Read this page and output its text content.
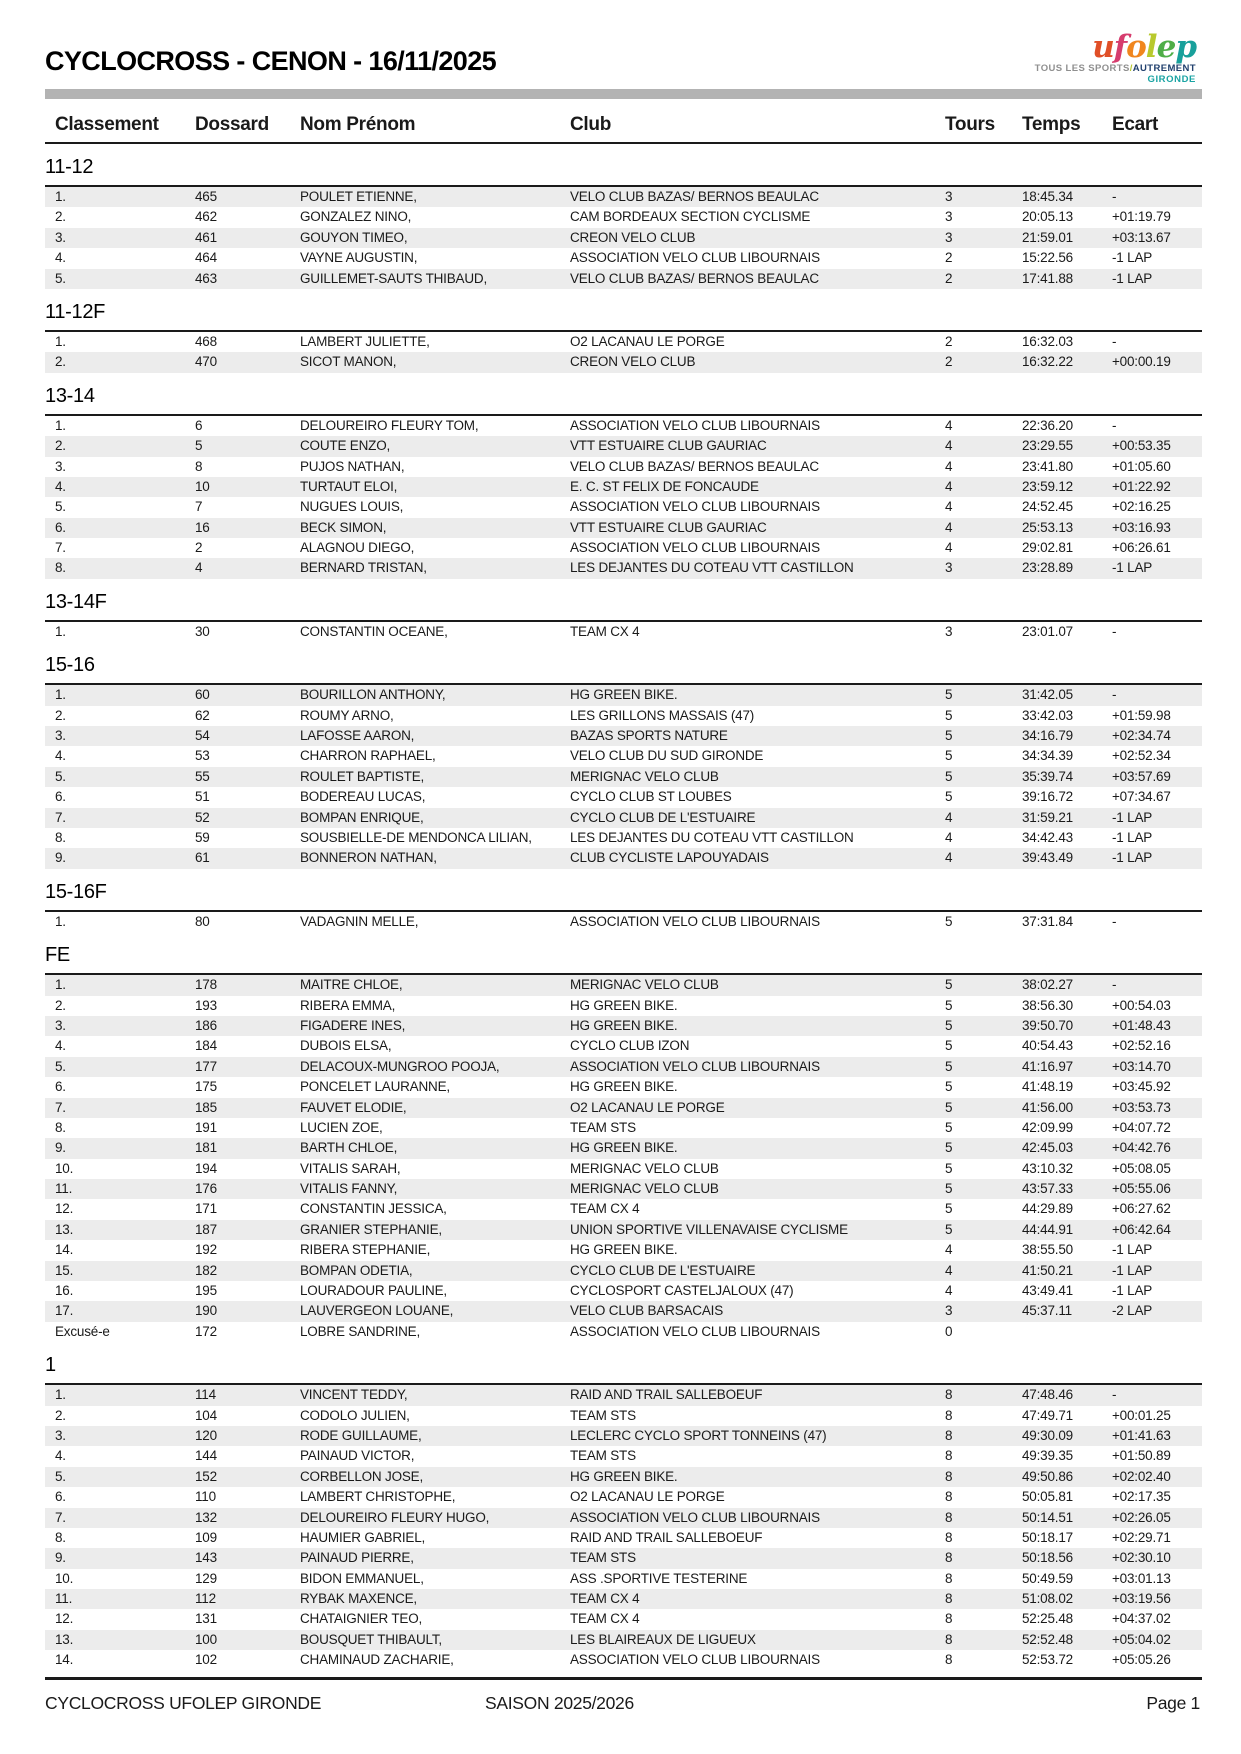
CYCLOCROSS - CENON - 16/11/2025	ufolep
TOUS LES SPORTS/AUTREMENT
GIRONDE
Classement	Dossard	Nom Prénom	Club	Tours	Temps	Ecart
11-12
1.	465	POULET ETIENNE,	VELO CLUB BAZAS/ BERNOS BEAULAC	3	18:45.34	-
2.	462	GONZALEZ NINO,	CAM BORDEAUX SECTION CYCLISME	3	20:05.13	+01:19.79
3.	461	GOUYON TIMEO,	CREON VELO CLUB	3	21:59.01	+03:13.67
4.	464	VAYNE AUGUSTIN,	ASSOCIATION VELO CLUB LIBOURNAIS	2	15:22.56	-1 LAP
5.	463	GUILLEMET-SAUTS THIBAUD,	VELO CLUB BAZAS/ BERNOS BEAULAC	2	17:41.88	-1 LAP
11-12F
1.	468	LAMBERT JULIETTE,	O2 LACANAU LE PORGE	2	16:32.03	-
2.	470	SICOT MANON,	CREON VELO CLUB	2	16:32.22	+00:00.19
13-14
1.	6	DELOUREIRO FLEURY TOM,	ASSOCIATION VELO CLUB LIBOURNAIS	4	22:36.20	-
2.	5	COUTE ENZO,	VTT ESTUAIRE CLUB GAURIAC	4	23:29.55	+00:53.35
3.	8	PUJOS NATHAN,	VELO CLUB BAZAS/ BERNOS BEAULAC	4	23:41.80	+01:05.60
4.	10	TURTAUT ELOI,	E. C. ST FELIX DE FONCAUDE	4	23:59.12	+01:22.92
5.	7	NUGUES LOUIS,	ASSOCIATION VELO CLUB LIBOURNAIS	4	24:52.45	+02:16.25
6.	16	BECK SIMON,	VTT ESTUAIRE CLUB GAURIAC	4	25:53.13	+03:16.93
7.	2	ALAGNOU DIEGO,	ASSOCIATION VELO CLUB LIBOURNAIS	4	29:02.81	+06:26.61
8.	4	BERNARD TRISTAN,	LES DEJANTES DU COTEAU VTT CASTILLON	3	23:28.89	-1 LAP
13-14F
1.	30	CONSTANTIN OCEANE,	TEAM CX 4	3	23:01.07	-
15-16
1.	60	BOURILLON ANTHONY,	HG GREEN BIKE.	5	31:42.05	-
2.	62	ROUMY ARNO,	LES GRILLONS MASSAIS (47)	5	33:42.03	+01:59.98
3.	54	LAFOSSE AARON,	BAZAS SPORTS NATURE	5	34:16.79	+02:34.74
4.	53	CHARRON RAPHAEL,	VELO CLUB DU SUD GIRONDE	5	34:34.39	+02:52.34
5.	55	ROULET BAPTISTE,	MERIGNAC VELO CLUB	5	35:39.74	+03:57.69
6.	51	BODEREAU LUCAS,	CYCLO CLUB ST LOUBES	5	39:16.72	+07:34.67
7.	52	BOMPAN ENRIQUE,	CYCLO CLUB DE L'ESTUAIRE	4	31:59.21	-1 LAP
8.	59	SOUSBIELLE-DE MENDONCA LILIAN,	LES DEJANTES DU COTEAU VTT CASTILLON	4	34:42.43	-1 LAP
9.	61	BONNERON NATHAN,	CLUB CYCLISTE LAPOUYADAIS	4	39:43.49	-1 LAP
15-16F
1.	80	VADAGNIN MELLE,	ASSOCIATION VELO CLUB LIBOURNAIS	5	37:31.84	-
FE
1.	178	MAITRE CHLOE,	MERIGNAC VELO CLUB	5	38:02.27	-
2.	193	RIBERA EMMA,	HG GREEN BIKE.	5	38:56.30	+00:54.03
3.	186	FIGADERE INES,	HG GREEN BIKE.	5	39:50.70	+01:48.43
4.	184	DUBOIS ELSA,	CYCLO CLUB IZON	5	40:54.43	+02:52.16
5.	177	DELACOUX-MUNGROO POOJA,	ASSOCIATION VELO CLUB LIBOURNAIS	5	41:16.97	+03:14.70
6.	175	PONCELET LAURANNE,	HG GREEN BIKE.	5	41:48.19	+03:45.92
7.	185	FAUVET ELODIE,	O2 LACANAU LE PORGE	5	41:56.00	+03:53.73
8.	191	LUCIEN ZOE,	TEAM STS	5	42:09.99	+04:07.72
9.	181	BARTH CHLOE,	HG GREEN BIKE.	5	42:45.03	+04:42.76
10.	194	VITALIS SARAH,	MERIGNAC VELO CLUB	5	43:10.32	+05:08.05
11.	176	VITALIS FANNY,	MERIGNAC VELO CLUB	5	43:57.33	+05:55.06
12.	171	CONSTANTIN JESSICA,	TEAM CX 4	5	44:29.89	+06:27.62
13.	187	GRANIER STEPHANIE,	UNION SPORTIVE VILLENAVAISE CYCLISME	5	44:44.91	+06:42.64
14.	192	RIBERA STEPHANIE,	HG GREEN BIKE.	4	38:55.50	-1 LAP
15.	182	BOMPAN ODETIA,	CYCLO CLUB DE L'ESTUAIRE	4	41:50.21	-1 LAP
16.	195	LOURADOUR PAULINE,	CYCLOSPORT CASTELJALOUX (47)	4	43:49.41	-1 LAP
17.	190	LAUVERGEON LOUANE,	VELO CLUB BARSACAIS	3	45:37.11	-2 LAP
Excusé-e	172	LOBRE SANDRINE,	ASSOCIATION VELO CLUB LIBOURNAIS	0
1
1.	114	VINCENT TEDDY,	RAID AND TRAIL SALLEBOEUF	8	47:48.46	-
2.	104	CODOLO JULIEN,	TEAM STS	8	47:49.71	+00:01.25
3.	120	RODE GUILLAUME,	LECLERC CYCLO SPORT TONNEINS (47)	8	49:30.09	+01:41.63
4.	144	PAINAUD VICTOR,	TEAM STS	8	49:39.35	+01:50.89
5.	152	CORBELLON JOSE,	HG GREEN BIKE.	8	49:50.86	+02:02.40
6.	110	LAMBERT CHRISTOPHE,	O2 LACANAU LE PORGE	8	50:05.81	+02:17.35
7.	132	DELOUREIRO FLEURY HUGO,	ASSOCIATION VELO CLUB LIBOURNAIS	8	50:14.51	+02:26.05
8.	109	HAUMIER GABRIEL,	RAID AND TRAIL SALLEBOEUF	8	50:18.17	+02:29.71
9.	143	PAINAUD PIERRE,	TEAM STS	8	50:18.56	+02:30.10
10.	129	BIDON EMMANUEL,	ASS .SPORTIVE TESTERINE	8	50:49.59	+03:01.13
11.	112	RYBAK MAXENCE,	TEAM CX 4	8	51:08.02	+03:19.56
12.	131	CHATAIGNIER TEO,	TEAM CX 4	8	52:25.48	+04:37.02
13.	100	BOUSQUET THIBAULT,	LES BLAIREAUX DE LIGUEUX	8	52:52.48	+05:04.02
14.	102	CHAMINAUD ZACHARIE,	ASSOCIATION VELO CLUB LIBOURNAIS	8	52:53.72	+05:05.26
CYCLOCROSS UFOLEP GIRONDE	SAISON 2025/2026	Page 1
